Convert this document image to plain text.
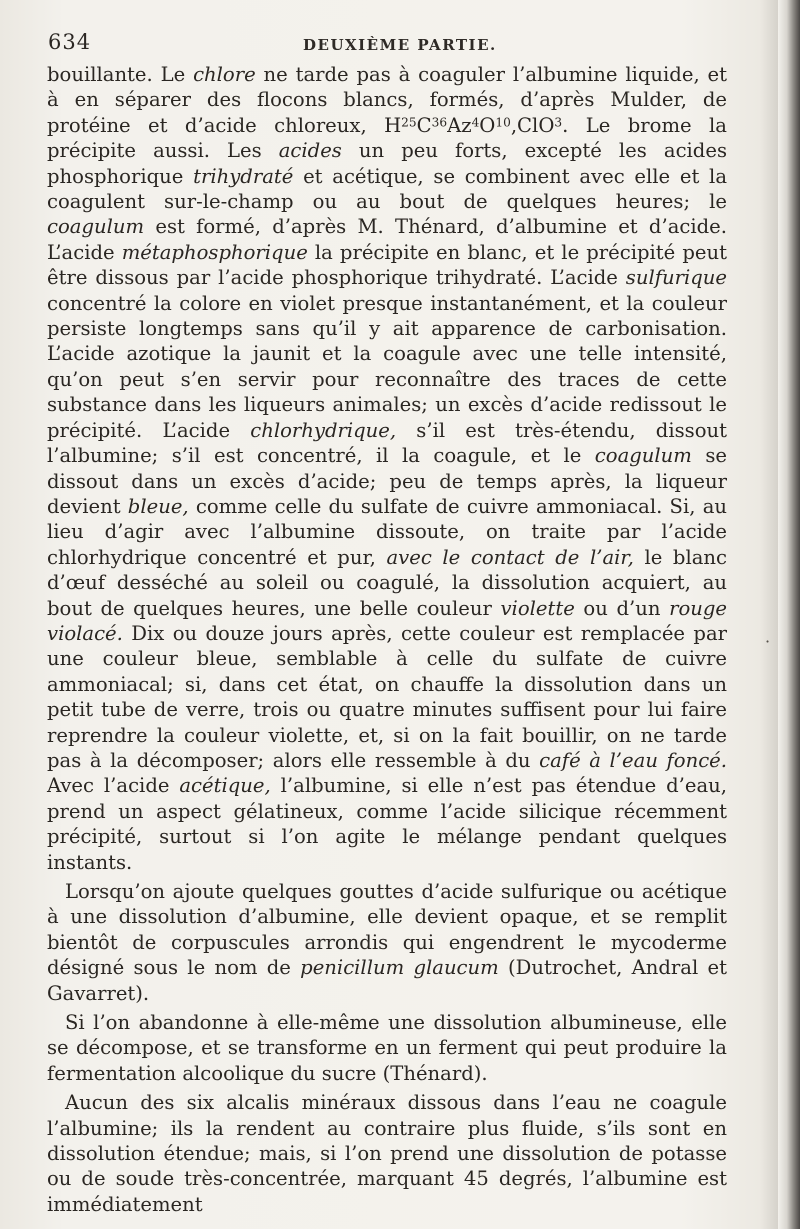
634	DEUXIÈME PARTIE.

bouillante. Le chlore ne tarde pas à coaguler l’albumine liquide, et à en séparer des flocons blancs, formés, d’après Mulder, de protéine et d’acide chloreux, $H^{25}C^{36}Az^4O^{10},ClO^3$. Le brome la précipite aussi. Les acides un peu forts, excepté les acides phosphorique trihydraté et acétique, se combinent avec elle et la coagulent sur-le-champ ou au bout de quelques heures; le coagulum est formé, d’après M. Thénard, d’albumine et d’acide. L’acide métaphosphorique la précipite en blanc, et le précipité peut être dissous par l’acide phosphorique trihydraté. L’acide sulfurique concentré la colore en violet presque instantanément, et la couleur persiste longtemps sans qu’il y ait apparence de carbonisation. L’acide azotique la jaunit et la coagule avec une telle intensité, qu’on peut s’en servir pour reconnaître des traces de cette substance dans les liqueurs animales; un excès d’acide redissout le précipité. L’acide chlorhydrique, s’il est très-étendu, dissout l’albumine; s’il est concentré, il la coagule, et le coagulum se dissout dans un excès d’acide; peu de temps après, la liqueur devient bleue, comme celle du sulfate de cuivre ammoniacal. Si, au lieu d’agir avec l’albumine dissoute, on traite par l’acide chlorhydrique concentré et pur, avec le contact de l’air, le blanc d’œuf desséché au soleil ou coagulé, la dissolution acquiert, au bout de quelques heures, une belle couleur violette ou d’un rouge violacé. Dix ou douze jours après, cette couleur est remplacée par une couleur bleue, semblable à celle du sulfate de cuivre ammoniacal; si, dans cet état, on chauffe la dissolution dans un petit tube de verre, trois ou quatre minutes suffisent pour lui faire reprendre la couleur violette, et, si on la fait bouillir, on ne tarde pas à la décomposer; alors elle ressemble à du café à l’eau foncé. Avec l’acide acétique, l’albumine, si elle n’est pas étendue d’eau, prend un aspect gélatineux, comme l’acide silicique récemment précipité, surtout si l’on agite le mélange pendant quelques instants.

Lorsqu’on ajoute quelques gouttes d’acide sulfurique ou acétique à une dissolution d’albumine, elle devient opaque, et se remplit bientôt de corpuscules arrondis qui engendrent le mycoderme désigné sous le nom de penicillum glaucum (Dutrochet, Andral et Gavarret).

Si l’on abandonne à elle-même une dissolution albumineuse, elle se décompose, et se transforme en un ferment qui peut produire la fermentation alcoolique du sucre (Thénard).

Aucun des six alcalis minéraux dissous dans l’eau ne coagule l’albumine; ils la rendent au contraire plus fluide, s’ils sont en dissolution étendue; mais, si l’on prend une dissolution de potasse ou de soude très-concentrée, marquant 45 degrés, l’albumine est immédiatement

·
